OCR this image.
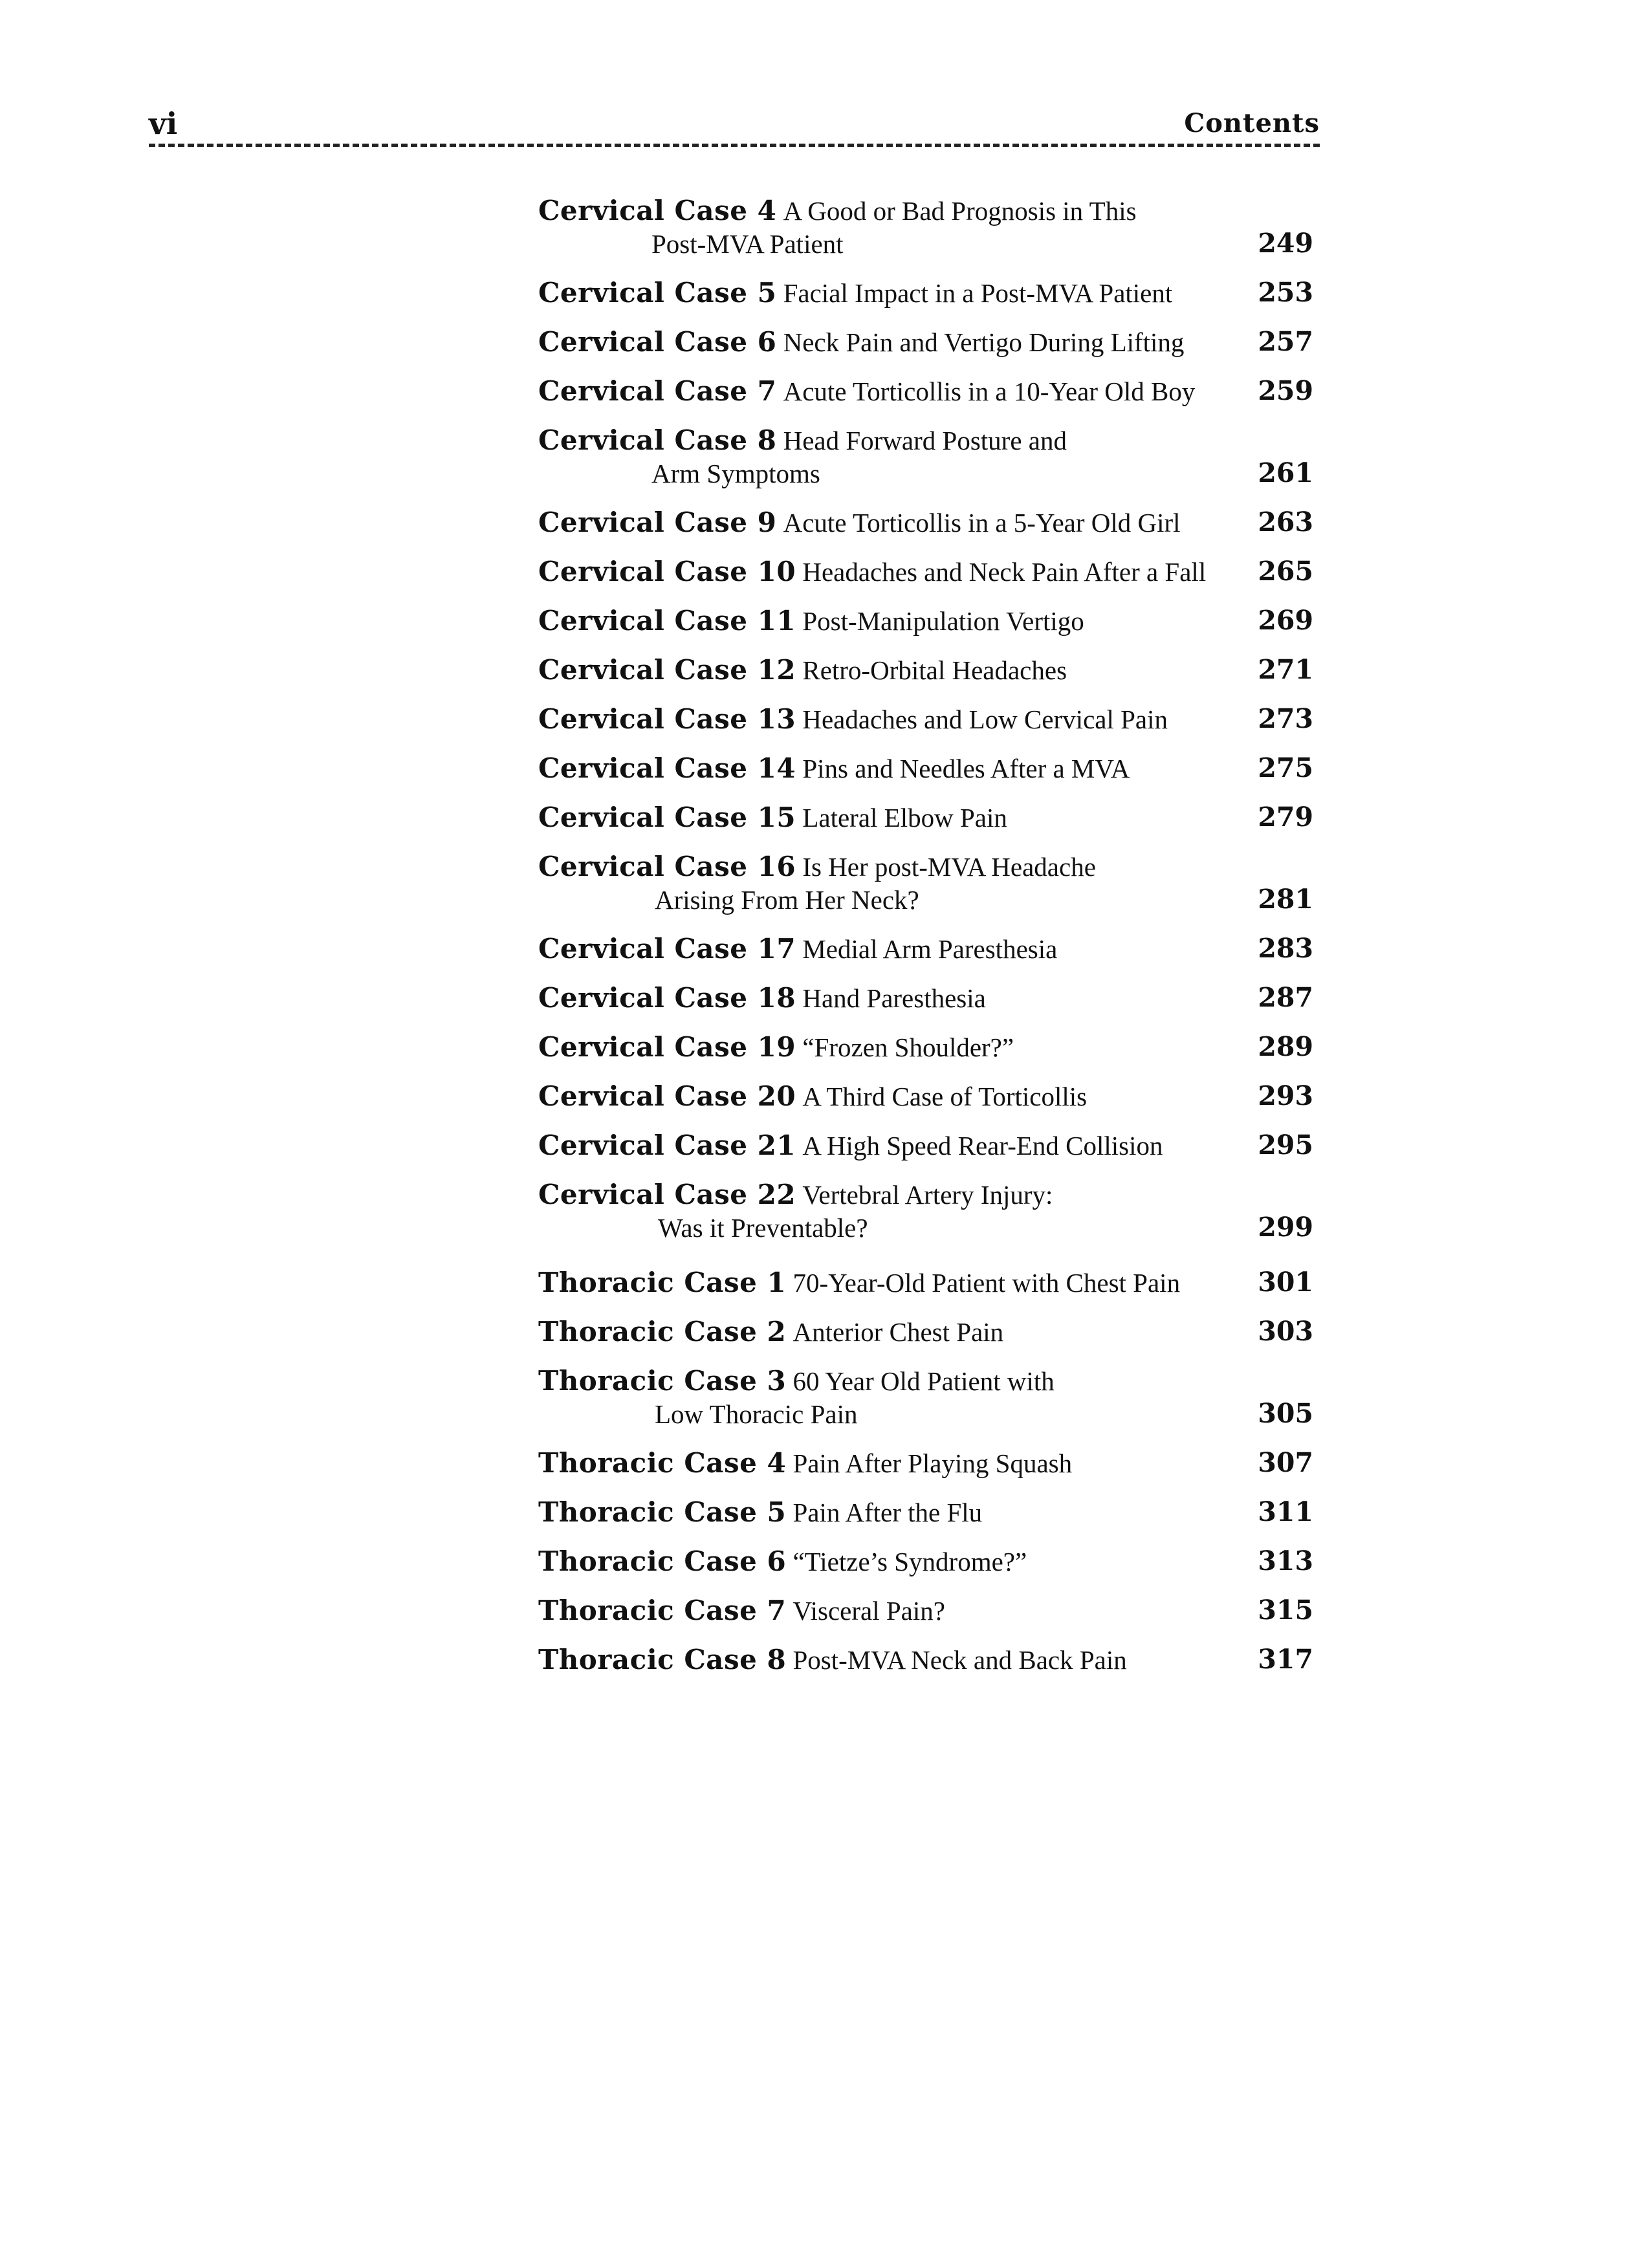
vi	Contents
Cervical Case 4 A Good or Bad Prognosis in This
Post-MVA Patient	249
Cervical Case 5 Facial Impact in a Post-MVA Patient	253
Cervical Case 6 Neck Pain and Vertigo During Lifting	257
Cervical Case 7 Acute Torticollis in a 10-Year Old Boy	259
Cervical Case 8 Head Forward Posture and
Arm Symptoms	261
Cervical Case 9 Acute Torticollis in a 5-Year Old Girl	263
Cervical Case 10 Headaches and Neck Pain After a Fall	265
Cervical Case 11 Post-Manipulation Vertigo	269
Cervical Case 12 Retro-Orbital Headaches	271
Cervical Case 13 Headaches and Low Cervical Pain	273
Cervical Case 14 Pins and Needles After a MVA	275
Cervical Case 15 Lateral Elbow Pain	279
Cervical Case 16 Is Her post-MVA Headache
Arising From Her Neck?	281
Cervical Case 17 Medial Arm Paresthesia	283
Cervical Case 18 Hand Paresthesia	287
Cervical Case 19 “Frozen Shoulder?”	289
Cervical Case 20 A Third Case of Torticollis	293
Cervical Case 21 A High Speed Rear-End Collision	295
Cervical Case 22 Vertebral Artery Injury:
Was it Preventable?	299
Thoracic Case 1 70-Year-Old Patient with Chest Pain	301
Thoracic Case 2 Anterior Chest Pain	303
Thoracic Case 3 60 Year Old Patient with
Low Thoracic Pain	305
Thoracic Case 4 Pain After Playing Squash	307
Thoracic Case 5 Pain After the Flu	311
Thoracic Case 6 “Tietze’s Syndrome?”	313
Thoracic Case 7 Visceral Pain?	315
Thoracic Case 8 Post-MVA Neck and Back Pain	317
